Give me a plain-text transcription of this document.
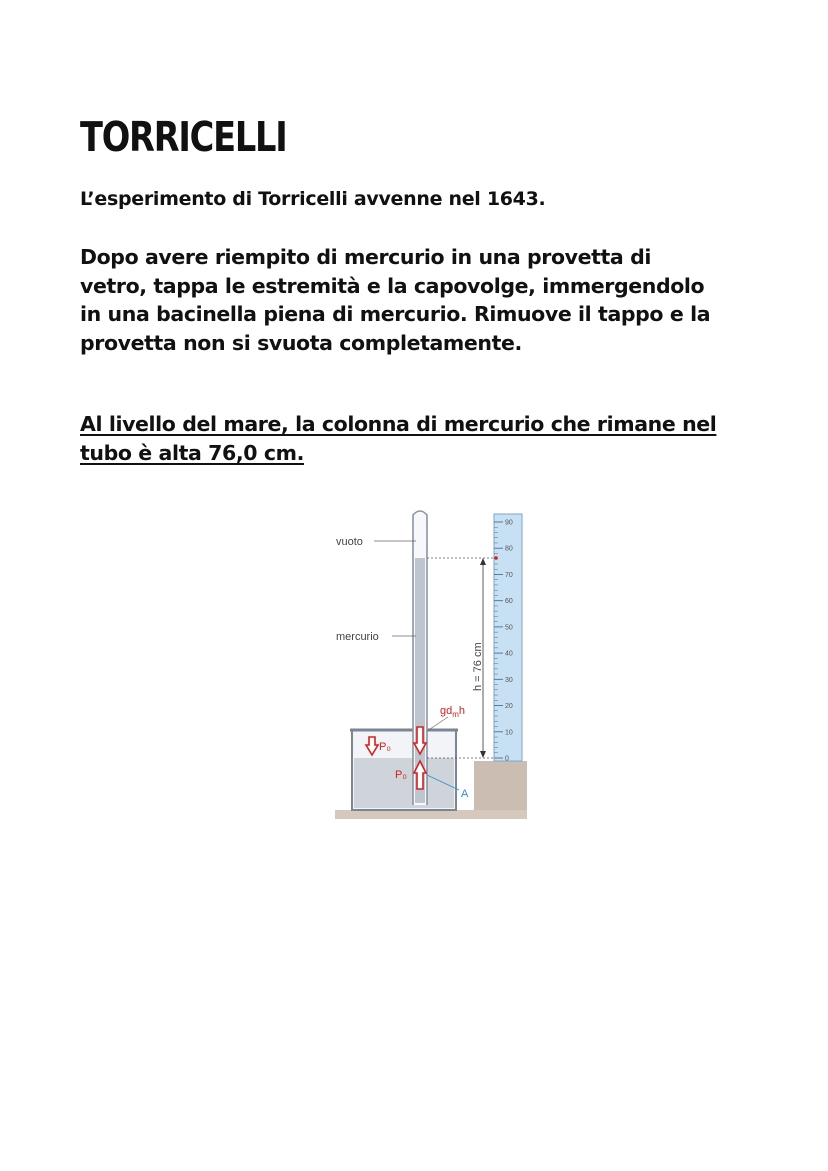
TORRICELLI

L’esperimento di Torricelli avvenne nel 1643.

Dopo avere riempito di mercurio in una provetta di
vetro, tappa le estremità e la capovolge, immergendolo
in una bacinella piena di mercurio. Rimuove il tappo e la
provetta non si svuota completamente.

Al livello del mare, la colonna di mercurio che rimane nel
tubo è alta 76,0 cm.

90
80
70
60
50
40
30
20
10
0
h = 76 cm
vuoto
mercurio
$gd_mh$
P₀
P₀
A
